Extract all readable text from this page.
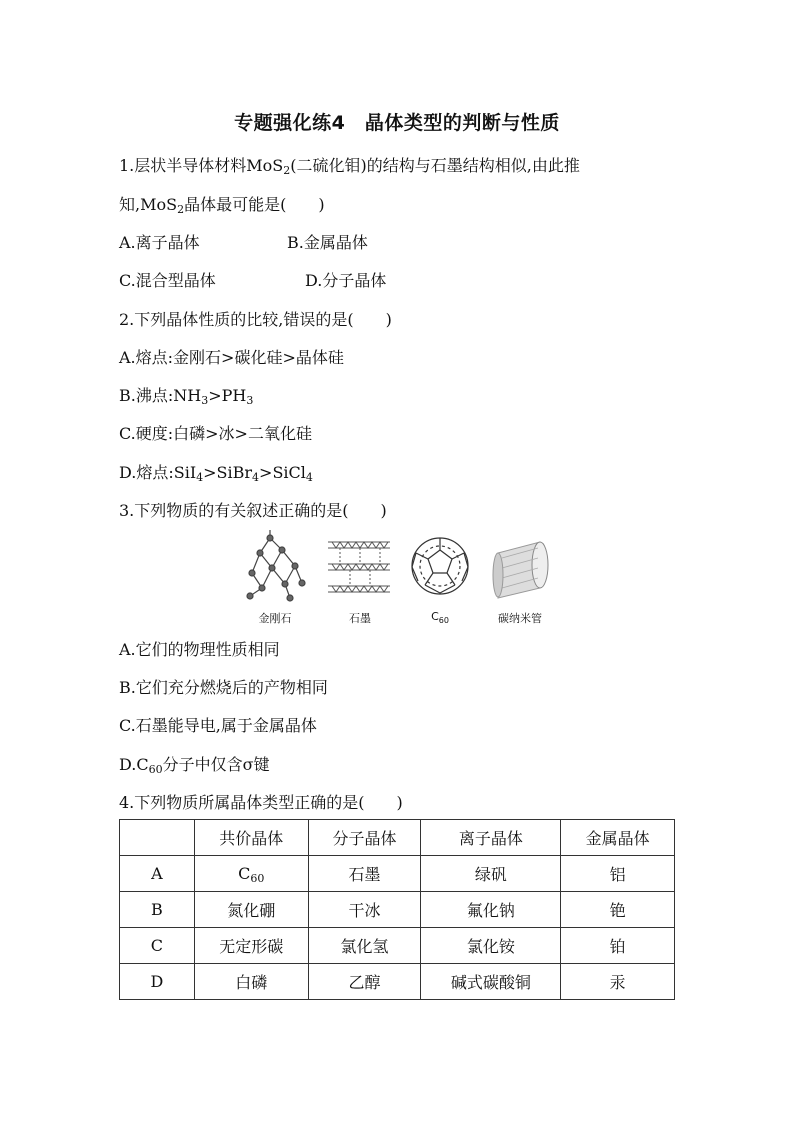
专题强化练4　晶体类型的判断与性质
1.层状半导体材料MoS$_2$(二硫化钼)的结构与石墨结构相似,由此推
知,MoS$_2$晶体最可能是(　　)
A.离子晶体	B.金属晶体
C.混合型晶体	D.分子晶体
2.下列晶体性质的比较,错误的是(　　)
A.熔点:金刚石>碳化硅>晶体硅
B.沸点$:NH_3>PH_3$
C.硬度:白磷>冰>二氧化硅
D.熔点:SiI$_4$>SiBr$_4$>SiCl$_4$
3.下列物质的有关叙述正确的是(　　)
金刚石	石墨	$C_{60}$	碳纳米管
A.它们的物理性质相同
B.它们充分燃烧后的产物相同
C.石墨能导电,属于金属晶体
$D.C_{60}$分子中仅含σ键
4.下列物质所属晶体类型正确的是(　　)
	共价晶体	分子晶体	离子晶体	金属晶体
A	$C_{60}$	石墨	绿矾	铝
B	氮化硼	干冰	氟化钠	铯
C	无定形碳	氯化氢	氯化铵	铂
D	白磷	乙醇	碱式碳酸铜	汞
